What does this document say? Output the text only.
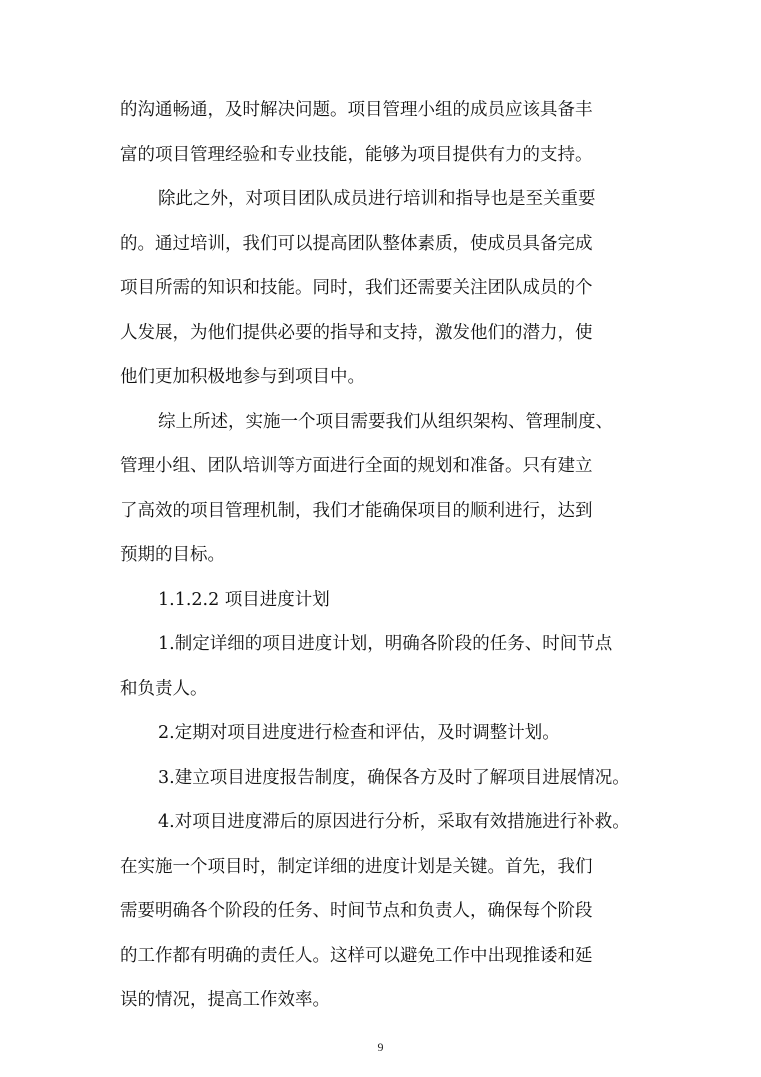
的沟通畅通，及时解决问题。项目管理小组的成员应该具备丰
富的项目管理经验和专业技能，能够为项目提供有力的支持。
除此之外，对项目团队成员进行培训和指导也是至关重要
的。通过培训，我们可以提高团队整体素质，使成员具备完成
项目所需的知识和技能。同时，我们还需要关注团队成员的个
人发展，为他们提供必要的指导和支持，激发他们的潜力，使
他们更加积极地参与到项目中。
综上所述，实施一个项目需要我们从组织架构、管理制度、
管理小组、团队培训等方面进行全面的规划和准备。只有建立
了高效的项目管理机制，我们才能确保项目的顺利进行，达到
预期的目标。
1.1.2.2 项目进度计划
1.制定详细的项目进度计划，明确各阶段的任务、时间节点
和负责人。
2.定期对项目进度进行检查和评估，及时调整计划。
3.建立项目进度报告制度，确保各方及时了解项目进展情况。
4.对项目进度滞后的原因进行分析，采取有效措施进行补救。
在实施一个项目时，制定详细的进度计划是关键。首先，我们
需要明确各个阶段的任务、时间节点和负责人，确保每个阶段
的工作都有明确的责任人。这样可以避免工作中出现推诿和延
误的情况，提高工作效率。
9
